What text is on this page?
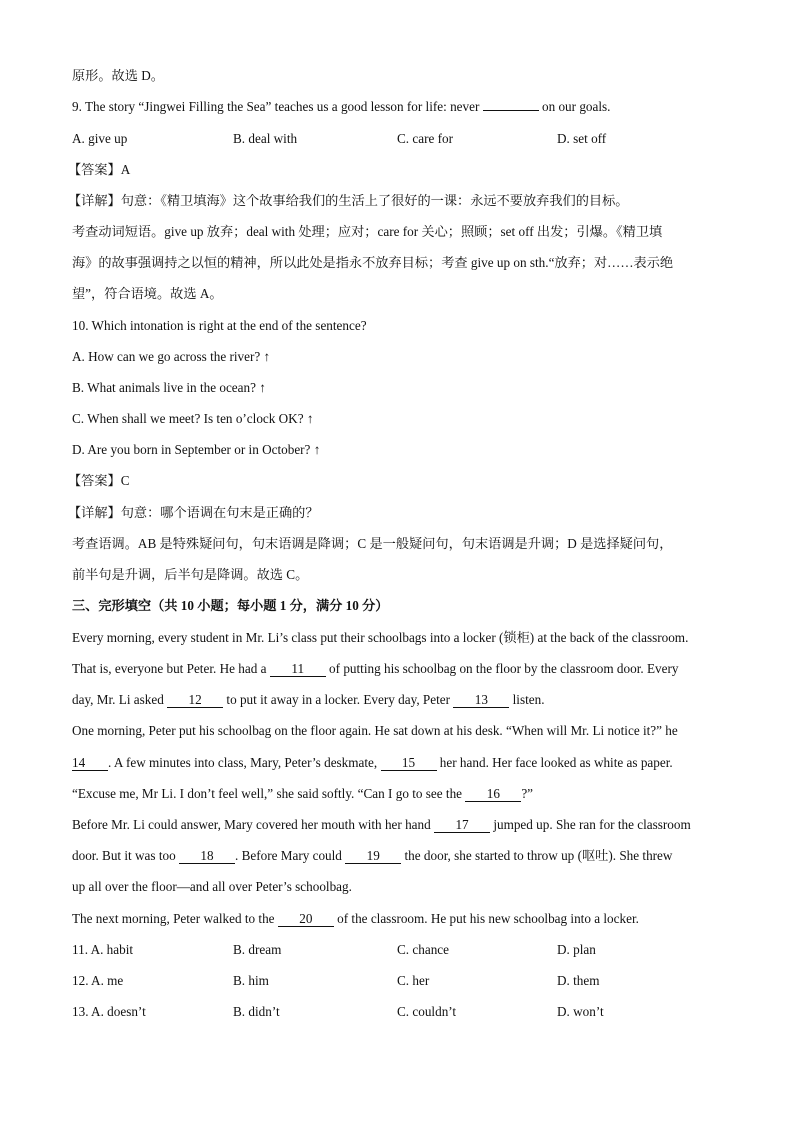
原形。故选 D。
9. The story “Jingwei Filling the Sea” teaches us a good lesson for life: never	on our goals.
A. give up	B. deal with	C. care for	D. set off
【答案】A
【详解】句意：《精卫填海》这个故事给我们的生活上了很好的一课：永远不要放弃我们的目标。
考查动词短语。give up 放弃；deal with 处理；应对；care for 关心；照顾；set off 出发；引爆。《精卫填
海》的故事强调持之以恒的精神，所以此处是指永不放弃目标；考查 give up on sth.“放弃；对……表示绝
望”，符合语境。故选 A。
10. Which intonation is right at the end of the sentence?
A. How can we go across the river? ↑
B. What animals live in the ocean? ↑
C. When shall we meet? Is ten o’clock OK? ↑
D. Are you born in September or in October? ↑
【答案】C
【详解】句意：哪个语调在句末是正确的？
考查语调。AB 是特殊疑问句，句末语调是降调；C 是一般疑问句，句末语调是升调；D 是选择疑问句，
前半句是升调，后半句是降调。故选 C。
三、完形填空（共 10 小题；每小题 1 分，满分 10 分）
Every morning, every student in Mr. Li’s class put their schoolbags into a locker (锁柜) at the back of the classroom.
That is, everyone but Peter. He had a 11 of putting his schoolbag on the floor by the classroom door. Every
day, Mr. Li asked 12 to put it away in a locker. Every day, Peter 13 listen.
One morning, Peter put his schoolbag on the floor again. He sat down at his desk. “When will Mr. Li notice it?” he
14 . A few minutes into class, Mary, Peter’s deskmate, 15 her hand. Her face looked as white as paper.
“Excuse me, Mr Li. I don’t feel well,” she said softly. “Can I go to see the 16 ?”
Before Mr. Li could answer, Mary covered her mouth with her hand 17 jumped up. She ran for the classroom
door. But it was too 18 . Before Mary could 19 the door, she started to throw up (呕吐). She threw
up all over the floor—and all over Peter’s schoolbag.
The next morning, Peter walked to the 20 of the classroom. He put his new schoolbag into a locker.
11. A. habit	B. dream	C. chance	D. plan
12. A. me	B. him	C. her	D. them
13. A. doesn’t	B. didn’t	C. couldn’t	D. won’t
